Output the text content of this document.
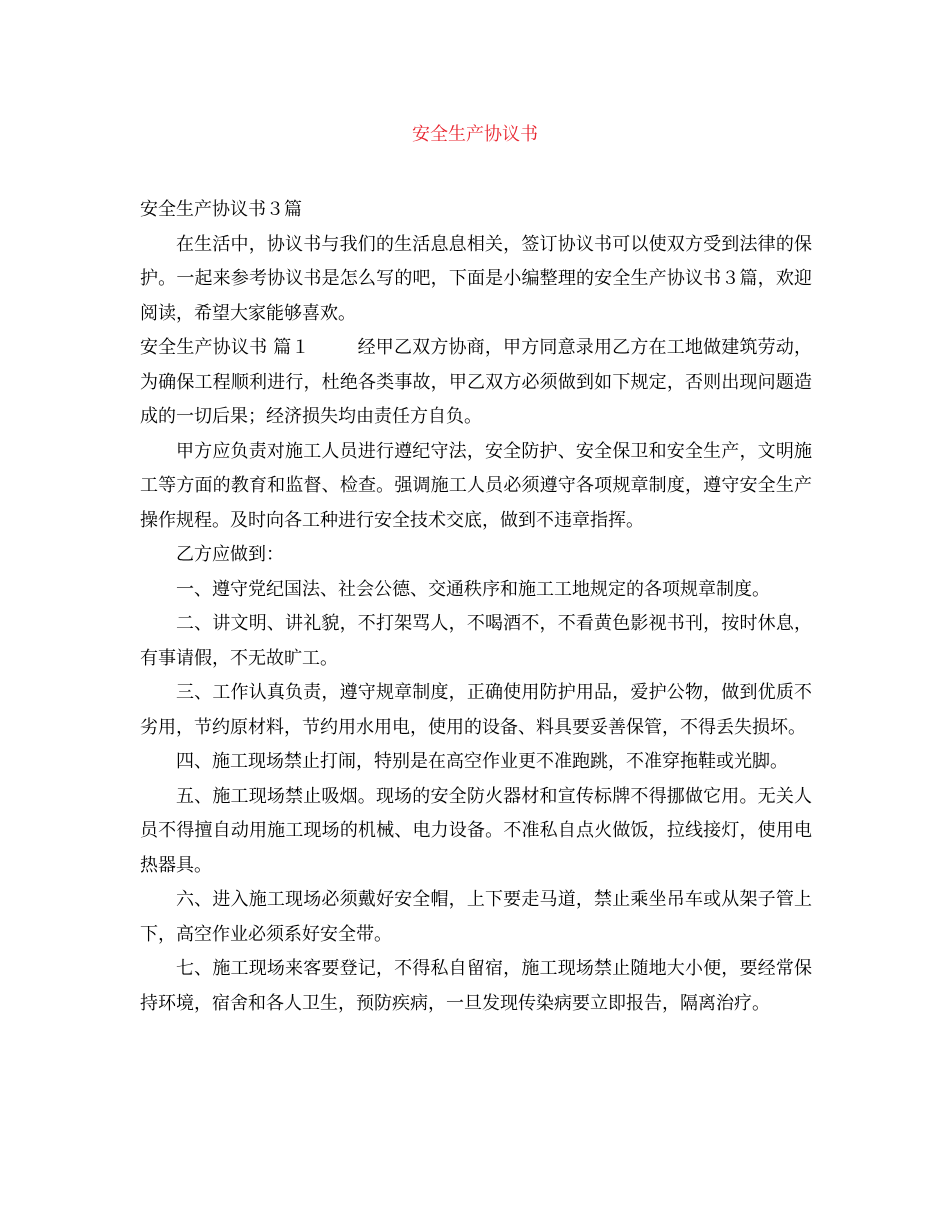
安全生产协议书

安全生产协议书３篇

在生活中，协议书与我们的生活息息相关，签订协议书可以使双方受到法律的保护。一起来参考协议书是怎么写的吧，下面是小编整理的安全生产协议书３篇，欢迎阅读，希望大家能够喜欢。

安全生产协议书 篇１	经甲乙双方协商，甲方同意录用乙方在工地做建筑劳动，为确保工程顺利进行，杜绝各类事故，甲乙双方必须做到如下规定，否则出现问题造成的一切后果；经济损失均由责任方自负。

甲方应负责对施工人员进行遵纪守法，安全防护、安全保卫和安全生产，文明施工等方面的教育和监督、检查。强调施工人员必须遵守各项规章制度，遵守安全生产操作规程。及时向各工种进行安全技术交底，做到不违章指挥。

乙方应做到：

一、遵守党纪国法、社会公德、交通秩序和施工工地规定的各项规章制度。

二、讲文明、讲礼貌，不打架骂人，不喝酒不，不看黄色影视书刊，按时休息，有事请假，不无故旷工。

三、工作认真负责，遵守规章制度，正确使用防护用品，爱护公物，做到优质不劣用，节约原材料，节约用水用电，使用的设备、料具要妥善保管，不得丢失损坏。

四、施工现场禁止打闹，特别是在高空作业更不准跑跳，不准穿拖鞋或光脚。

五、施工现场禁止吸烟。现场的安全防火器材和宣传标牌不得挪做它用。无关人员不得擅自动用施工现场的机械、电力设备。不准私自点火做饭，拉线接灯，使用电热器具。

六、进入施工现场必须戴好安全帽，上下要走马道，禁止乘坐吊车或从架子管上下，高空作业必须系好安全带。

七、施工现场来客要登记，不得私自留宿，施工现场禁止随地大小便，要经常保持环境，宿舍和各人卫生，预防疾病，一旦发现传染病要立即报告，隔离治疗。
